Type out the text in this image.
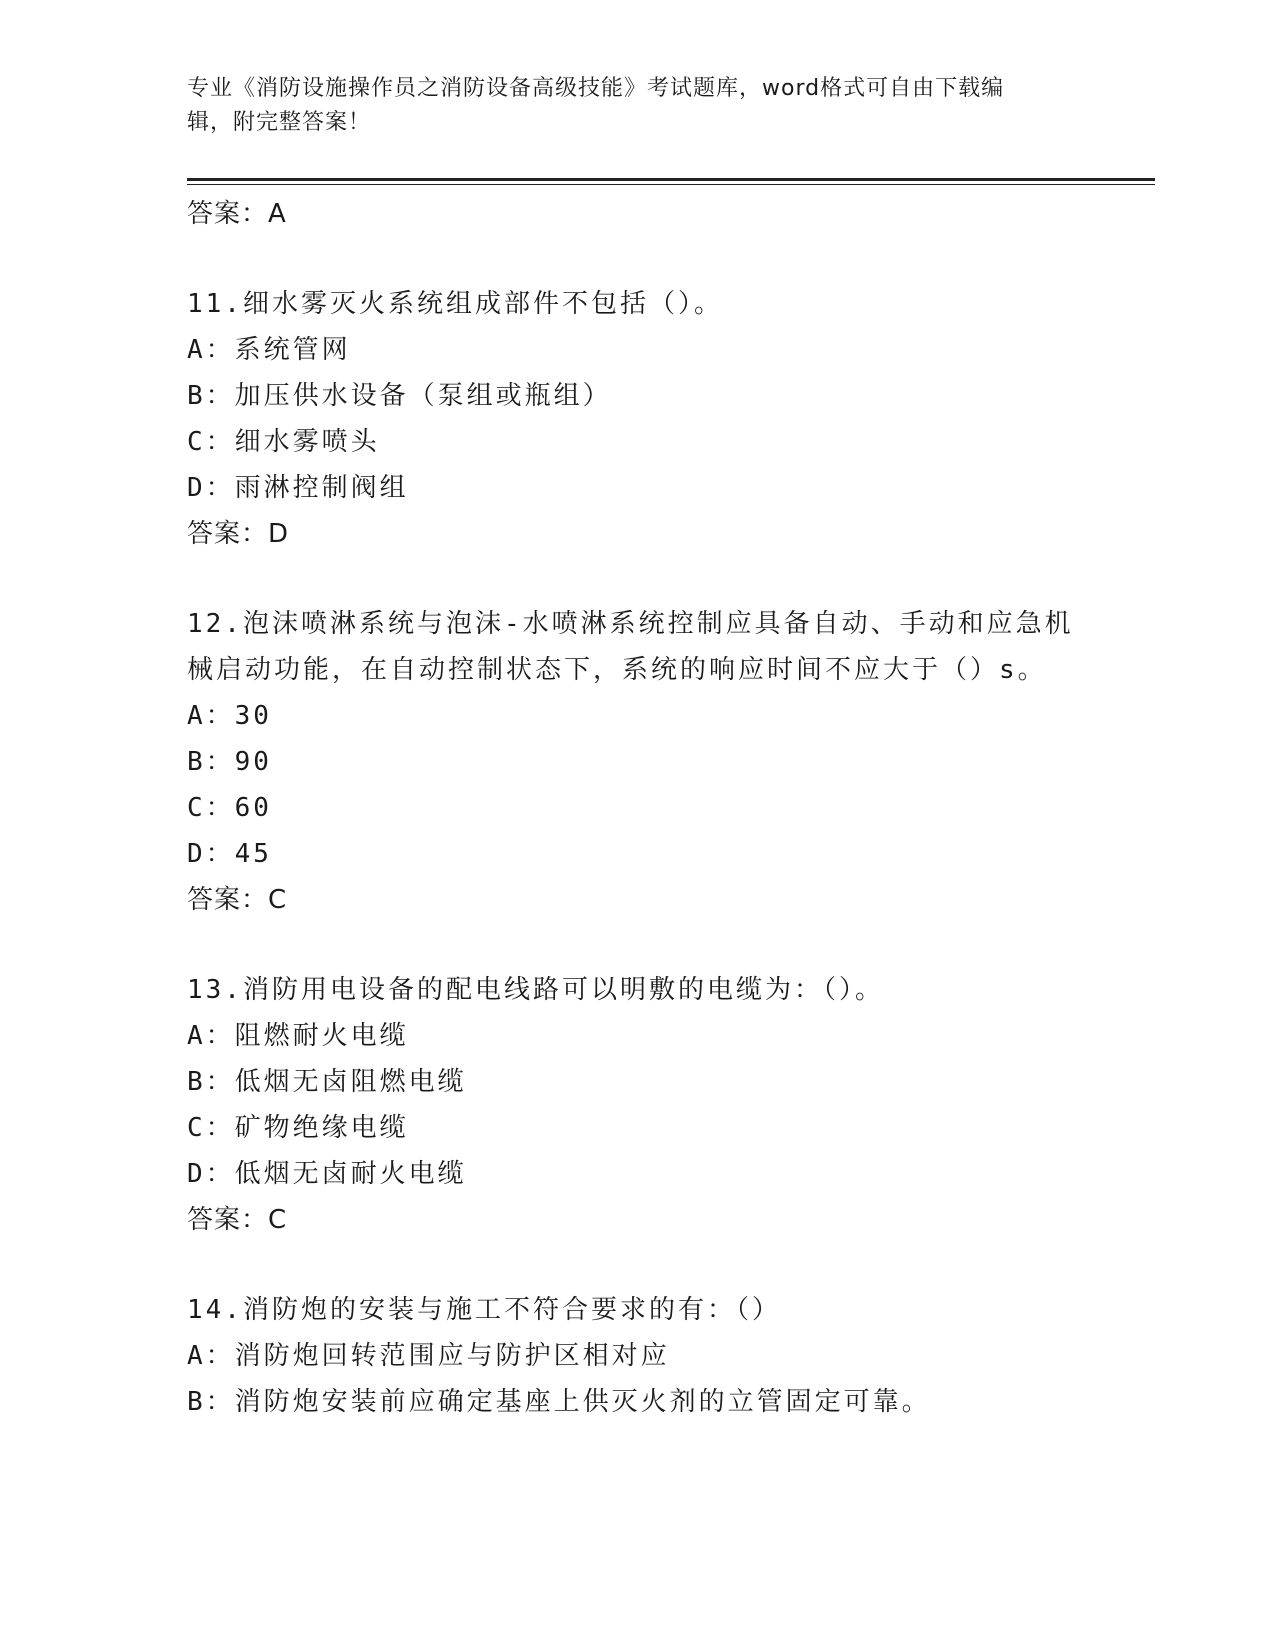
专业《消防设施操作员之消防设备高级技能》考试题库，word格式可自由下载编
辑，附完整答案！
答案：A
11.细水雾灭火系统组成部件不包括（）。
A：系统管网
B：加压供水设备（泵组或瓶组）
C：细水雾喷头
D：雨淋控制阀组
答案：D
12.泡沫喷淋系统与泡沫-水喷淋系统控制应具备自动、手动和应急机
械启动功能，在自动控制状态下，系统的响应时间不应大于（）s。
A：30
B：90
C：60
D：45
答案：C
13.消防用电设备的配电线路可以明敷的电缆为：（）。
A：阻燃耐火电缆
B：低烟无卤阻燃电缆
C：矿物绝缘电缆
D：低烟无卤耐火电缆
答案：C
14.消防炮的安装与施工不符合要求的有：（）
A：消防炮回转范围应与防护区相对应
B：消防炮安装前应确定基座上供灭火剂的立管固定可靠。
